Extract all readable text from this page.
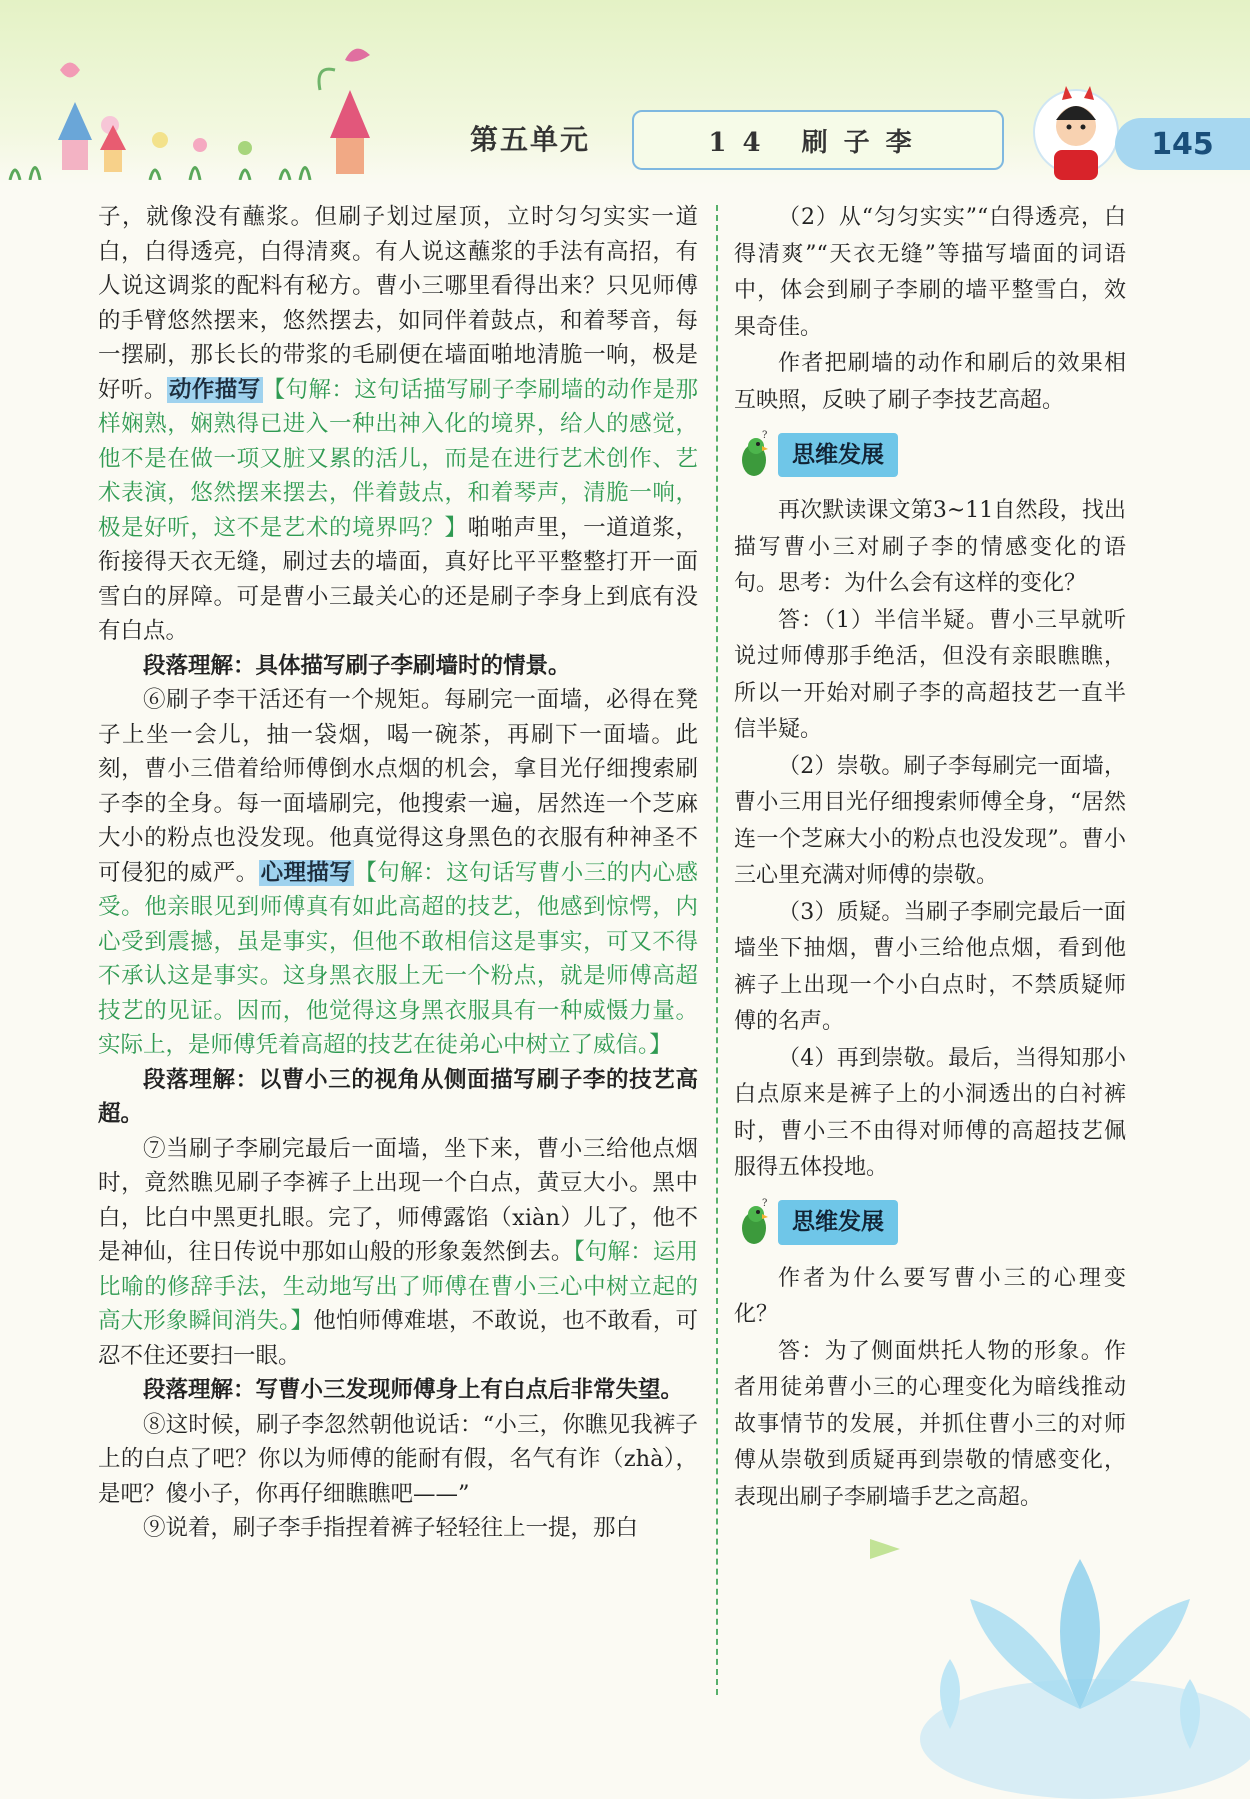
第五单元	14 刷子李	145

子，就像没有蘸浆。但刷子划过屋顶，立时匀匀实实一道白，白得透亮，白得清爽。有人说这蘸浆的手法有高招，有人说这调浆的配料有秘方。曹小三哪里看得出来？只见师傅的手臂悠然摆来，悠然摆去，如同伴着鼓点，和着琴音，每一摆刷，那长长的带浆的毛刷便在墙面啪地清脆一响，极是好听。动作描写【句解：这句话描写刷子李刷墙的动作是那样娴熟，娴熟得已进入一种出神入化的境界，给人的感觉，他不是在做一项又脏又累的活儿，而是在进行艺术创作、艺术表演，悠然摆来摆去，伴着鼓点，和着琴声，清脆一响，极是好听，这不是艺术的境界吗？】啪啪声里，一道道浆，衔接得天衣无缝，刷过去的墙面，真好比平平整整打开一面雪白的屏障。可是曹小三最关心的还是刷子李身上到底有没有白点。

段落理解：具体描写刷子李刷墙时的情景。

⑥刷子李干活还有一个规矩。每刷完一面墙，必得在凳子上坐一会儿，抽一袋烟，喝一碗茶，再刷下一面墙。此刻，曹小三借着给师傅倒水点烟的机会，拿目光仔细搜索刷子李的全身。每一面墙刷完，他搜索一遍，居然连一个芝麻大小的粉点也没发现。他真觉得这身黑色的衣服有种神圣不可侵犯的威严。心理描写【句解：这句话写曹小三的内心感受。他亲眼见到师傅真有如此高超的技艺，他感到惊愕，内心受到震撼，虽是事实，但他不敢相信这是事实，可又不得不承认这是事实。这身黑衣服上无一个粉点，就是师傅高超技艺的见证。因而，他觉得这身黑衣服具有一种威慑力量。实际上，是师傅凭着高超的技艺在徒弟心中树立了威信。】

段落理解：以曹小三的视角从侧面描写刷子李的技艺高超。

⑦当刷子李刷完最后一面墙，坐下来，曹小三给他点烟时，竟然瞧见刷子李裤子上出现一个白点，黄豆大小。黑中白，比白中黑更扎眼。完了，师傅露馅（xiàn）儿了，他不是神仙，往日传说中那如山般的形象轰然倒去。【句解：运用比喻的修辞手法，生动地写出了师傅在曹小三心中树立起的高大形象瞬间消失。】他怕师傅难堪，不敢说，也不敢看，可忍不住还要扫一眼。

段落理解：写曹小三发现师傅身上有白点后非常失望。

⑧这时候，刷子李忽然朝他说话：“小三，你瞧见我裤子上的白点了吧？你以为师傅的能耐有假，名气有诈（zhà），是吧？傻小子，你再仔细瞧瞧吧——”

⑨说着，刷子李手指捏着裤子轻轻往上一提，那白

（2）从“匀匀实实”“白得透亮，白得清爽”“天衣无缝”等描写墙面的词语中，体会到刷子李刷的墙平整雪白，效果奇佳。

作者把刷墙的动作和刷后的效果相互映照，反映了刷子李技艺高超。

?
思维发展

再次默读课文第3~11自然段，找出描写曹小三对刷子李的情感变化的语句。思考：为什么会有这样的变化？

答：（1）半信半疑。曹小三早就听说过师傅那手绝活，但没有亲眼瞧瞧，所以一开始对刷子李的高超技艺一直半信半疑。

（2）崇敬。刷子李每刷完一面墙，曹小三用目光仔细搜索师傅全身，“居然连一个芝麻大小的粉点也没发现”。曹小三心里充满对师傅的崇敬。

（3）质疑。当刷子李刷完最后一面墙坐下抽烟，曹小三给他点烟，看到他裤子上出现一个小白点时，不禁质疑师傅的名声。

（4）再到崇敬。最后，当得知那小白点原来是裤子上的小洞透出的白衬裤时，曹小三不由得对师傅的高超技艺佩服得五体投地。

?
思维发展

作者为什么要写曹小三的心理变化？

答：为了侧面烘托人物的形象。作者用徒弟曹小三的心理变化为暗线推动故事情节的发展，并抓住曹小三的对师傅从崇敬到质疑再到崇敬的情感变化，表现出刷子李刷墙手艺之高超。
